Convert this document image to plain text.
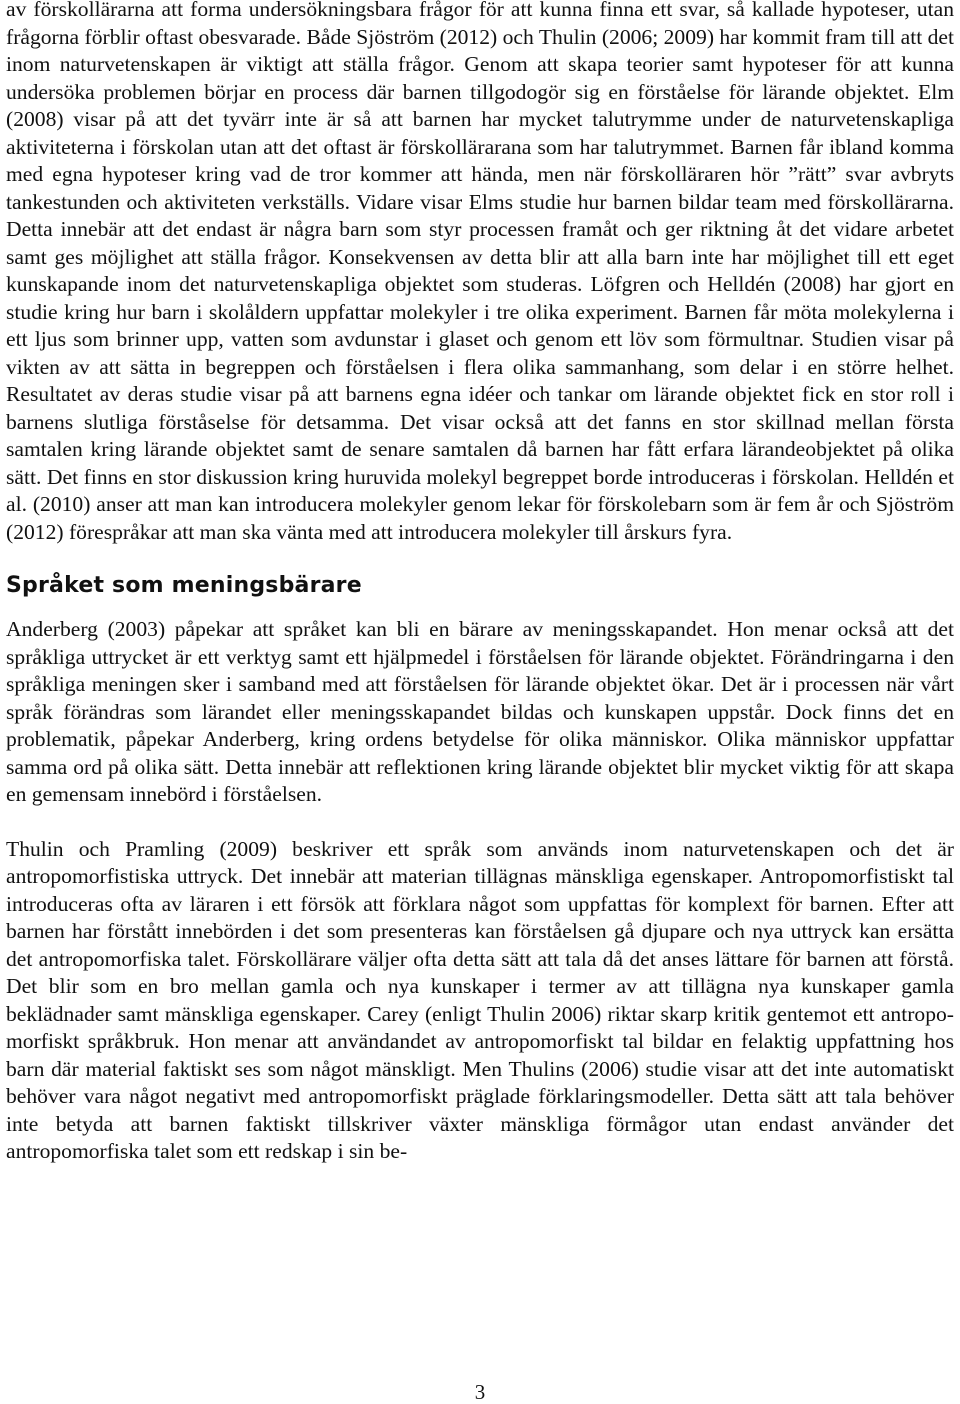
av förskollärarna att forma undersökningsbara frågor för att kunna finna ett svar, så kallade hypoteser, utan frågorna förblir oftast obesvarade. Både Sjöström (2012) och Thulin (2006; 2009) har kommit fram till att det inom naturvetenskapen är viktigt att ställa frågor. Genom att skapa teorier samt hypoteser för att kunna undersöka problemen börjar en process där barnen tillgodogör sig en förståelse för lärande objektet. Elm (2008) visar på att det tyvärr inte är så att barnen har mycket talutrymme under de naturvetenskapliga aktiviteterna i förskolan utan att det oftast är förskollärarana som har talutrymmet. Barnen får ibland komma med egna hypoteser kring vad de tror kommer att hända, men när förskolläraren hör ”rätt” svar avbryts tankestunden och aktiviteten verkställs. Vidare visar Elms studie hur barnen bildar team med förskollärarna. Detta innebär att det endast är några barn som styr processen framåt och ger riktning åt det vidare arbetet samt ges möjlighet att ställa frågor. Konsekvensen av detta blir att alla barn inte har möjlighet till ett eget kunskapande inom det naturvetenskapliga objektet som studeras. Löfgren och Helldén (2008) har gjort en studie kring hur barn i skolåldern uppfattar molekyler i tre olika experiment. Barnen får möta molekylerna i ett ljus som brinner upp, vatten som avdunstar i glaset och genom ett löv som förmultnar. Studien visar på vikten av att sätta in begreppen och förståelsen i flera olika sammanhang, som delar i en större helhet. Resultatet av deras studie visar på att barnens egna idéer och tankar om lärande objektet fick en stor roll i barnens slutliga förståselse för detsamma. Det visar också att det fanns en stor skillnad mellan första samtalen kring lärande objektet samt de senare samtalen då barnen har fått erfara lärandeobjektet på olika sätt. Det finns en stor diskussion kring huruvida molekyl begreppet borde introduceras i förskolan. Helldén et al. (2010) anser att man kan introducera molekyler genom lekar för förskolebarn som är fem år och Sjöström (2012) förespråkar att man ska vänta med att introducera molekyler till årskurs fyra.

Språket som meningsbärare

Anderberg (2003) påpekar att språket kan bli en bärare av meningsskapandet. Hon menar också att det språkliga uttrycket är ett verktyg samt ett hjälpmedel i förståelsen för lärande objektet. Förändringarna i den språkliga meningen sker i samband med att förståelsen för lärande objektet ökar. Det är i processen när vårt språk förändras som lärandet eller meningsskapandet bildas och kunskapen uppstår. Dock finns det en problematik, påpekar Anderberg, kring ordens betydelse för olika människor. Olika människor uppfattar samma ord på olika sätt. Detta innebär att reflektionen kring lärande objektet blir mycket viktig för att skapa en gemensam innebörd i förståelsen.

Thulin och Pramling (2009) beskriver ett språk som används inom naturvetenskapen och det är antropomorfistiska uttryck. Det innebär att materian tillägnas mänskliga egenskaper. Antropomorfistiskt tal introduceras ofta av läraren i ett försök att förklara något som uppfattas för komplext för barnen. Efter att barnen har förstått innebörden i det som presenteras kan förståelsen gå djupare och nya uttryck kan ersätta det antropomorfiska talet. Förskollärare väljer ofta detta sätt att tala då det anses lättare för barnen att förstå. Det blir som en bro mellan gamla och nya kunskaper i termer av att tillägna nya kunskaper gamla beklädnader samt mänskliga egenskaper. Carey (enligt Thulin 2006) riktar skarp kritik gentemot ett antropomorfiskt språkbruk. Hon menar att användandet av antropomorfiskt tal bildar en felaktig uppfattning hos barn där material faktiskt ses som något mänskligt. Men Thulins (2006) studie visar att det inte automatiskt behöver vara något negativt med antropomorfiskt präglade förklaringsmodeller. Detta sätt att tala behöver inte betyda att barnen faktiskt tillskriver växter mänskliga förmågor utan endast använder det antropomorfiska talet som ett redskap i sin be-

3
